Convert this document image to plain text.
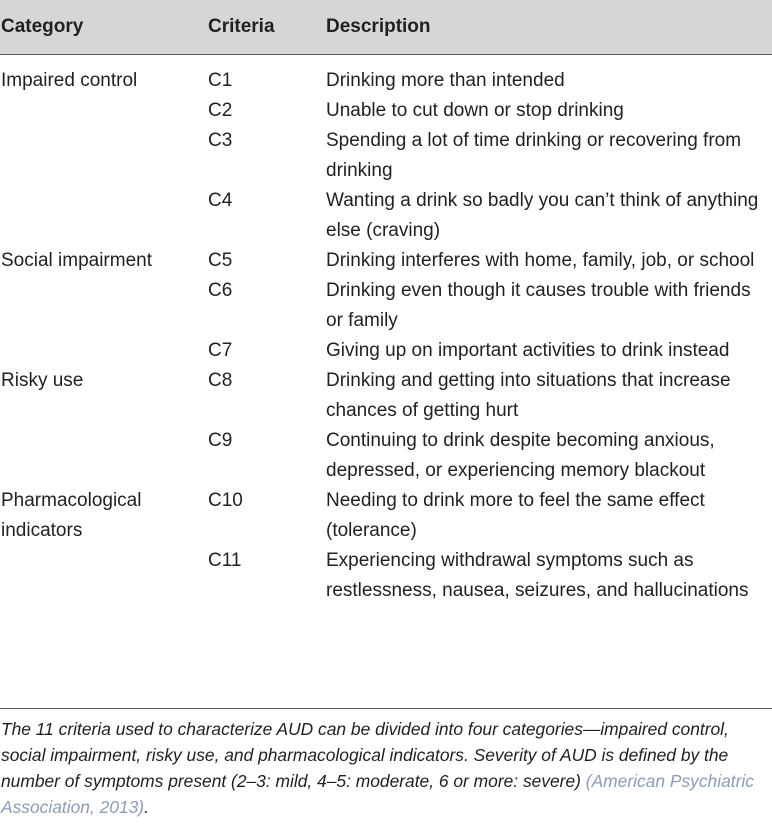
Category	Criteria	Description
Impaired control	C1	Drinking more than intended
	C2	Unable to cut down or stop drinking
	C3	Spending a lot of time drinking or recovering from drinking
	C4	Wanting a drink so badly you can’t think of anything else (craving)
Social impairment	C5	Drinking interferes with home, family, job, or school
	C6	Drinking even though it causes trouble with friends or family
	C7	Giving up on important activities to drink instead
Risky use	C8	Drinking and getting into situations that increase chances of getting hurt
	C9	Continuing to drink despite becoming anxious, depressed, or experiencing memory blackout
Pharmacological indicators	C10	Needing to drink more to feel the same effect (tolerance)
	C11	Experiencing withdrawal symptoms such as restlessness, nausea, seizures, and hallucinations

The 11 criteria used to characterize AUD can be divided into four categories—impaired control, social impairment, risky use, and pharmacological indicators. Severity of AUD is defined by the number of symptoms present (2–3: mild, 4–5: moderate, 6 or more: severe) (American Psychiatric Association, 2013).
